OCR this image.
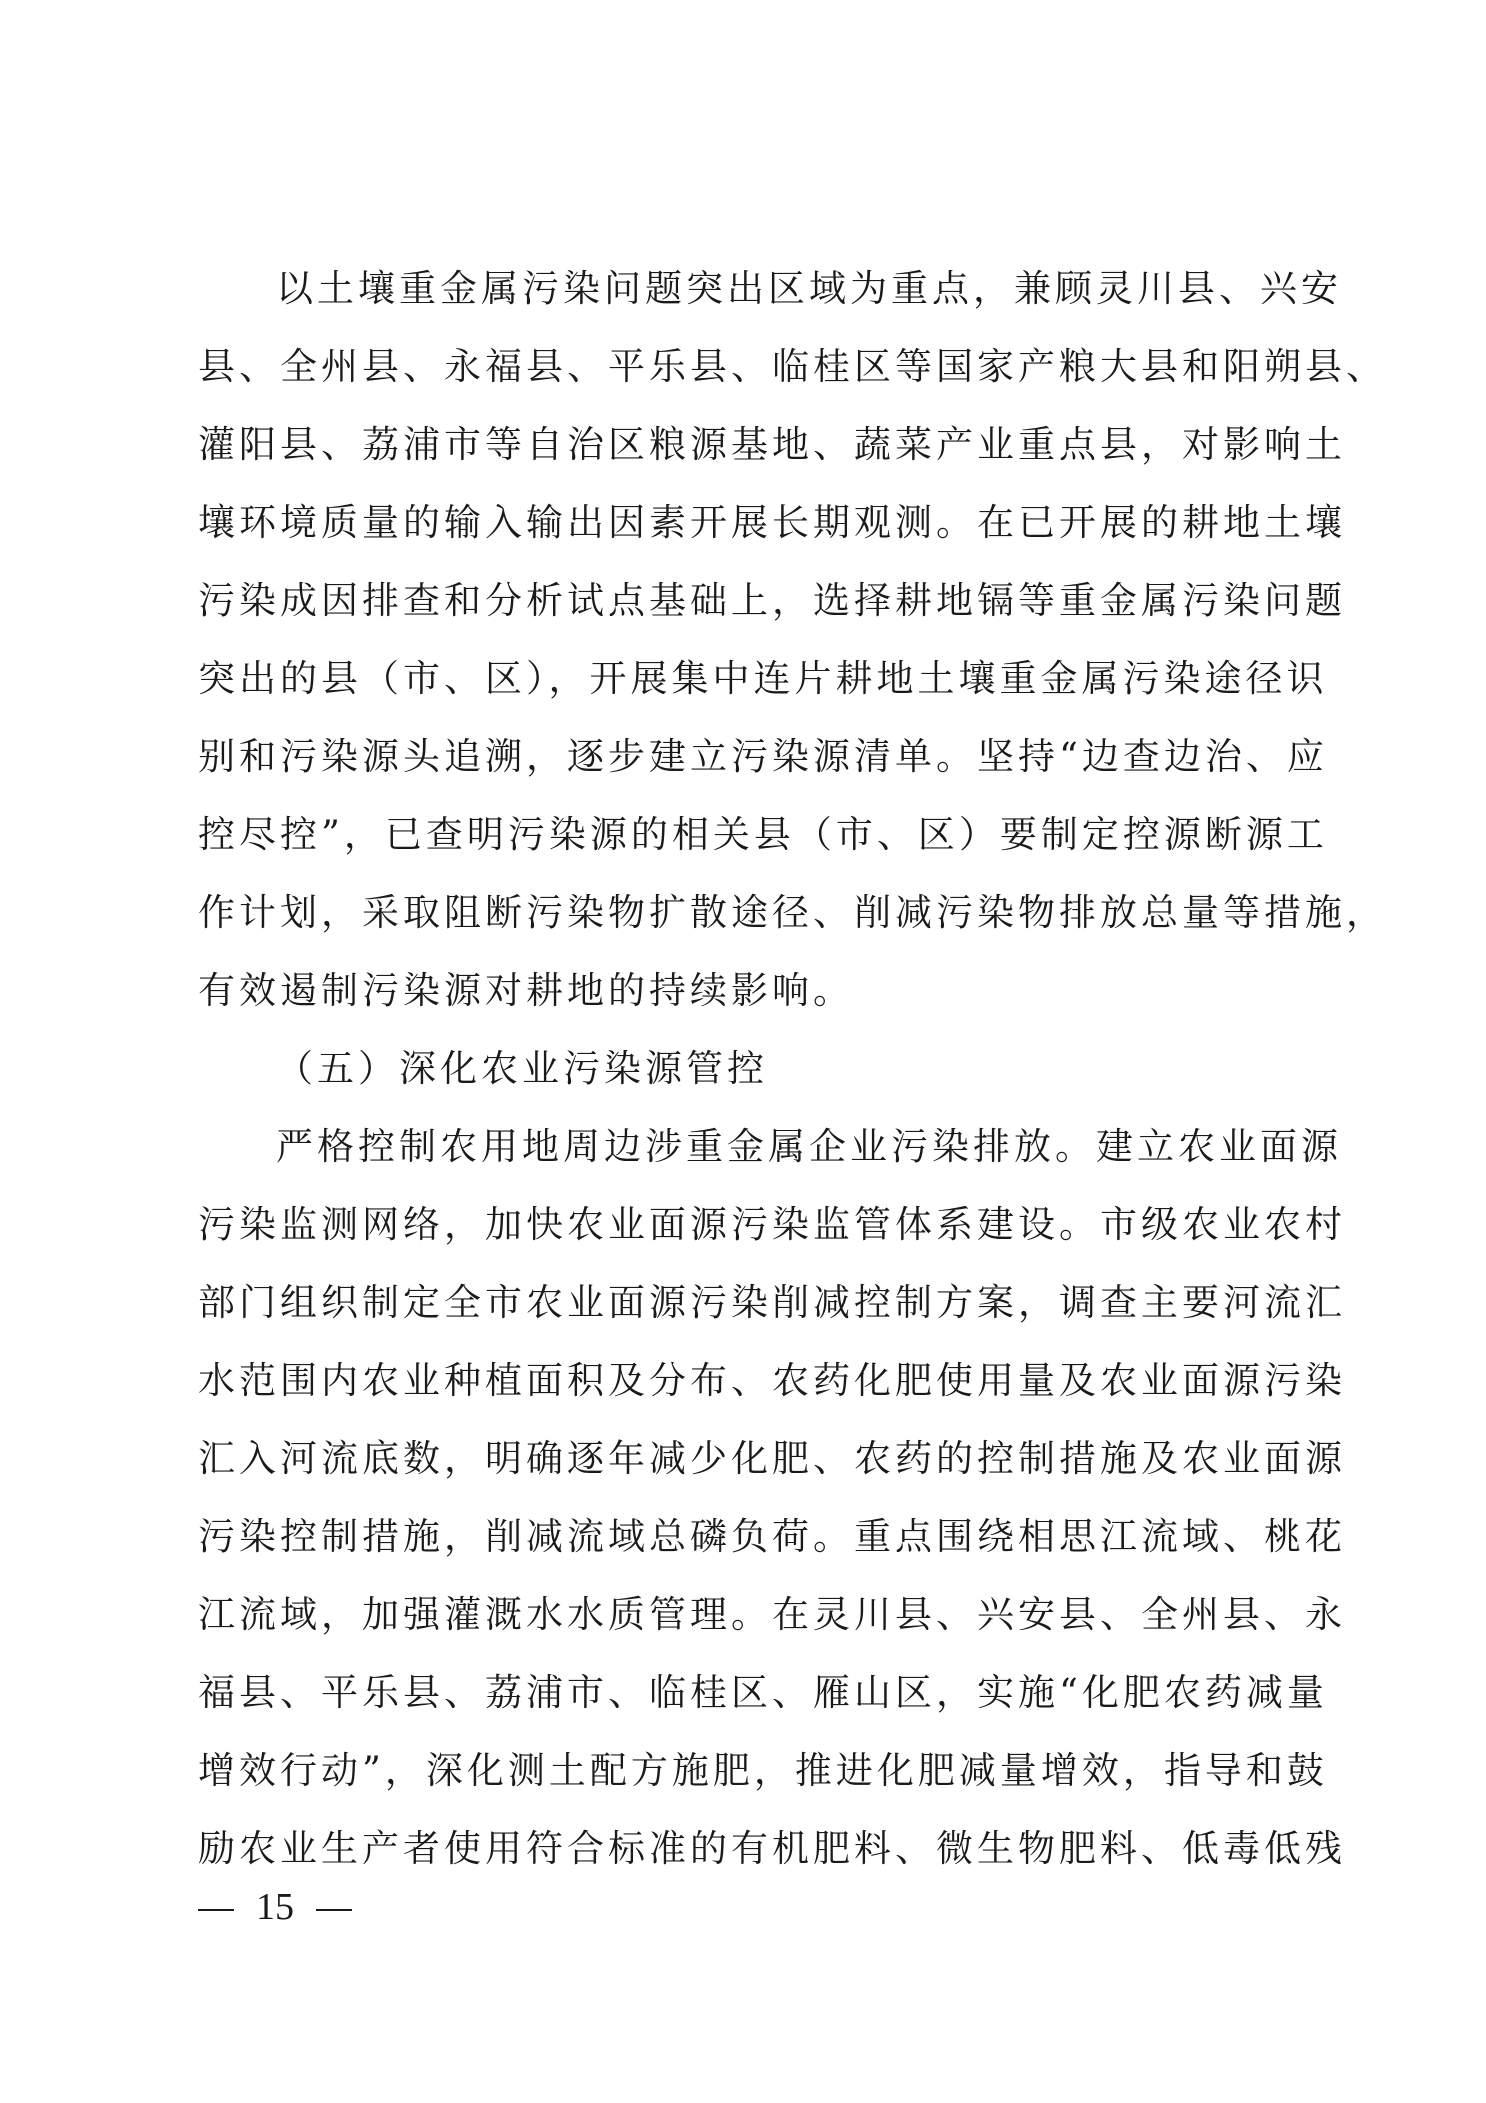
以土壤重金属污染问题突出区域为重点，兼顾灵川县、兴安
县、全州县、永福县、平乐县、临桂区等国家产粮大县和阳朔县、
灌阳县、荔浦市等自治区粮源基地、蔬菜产业重点县，对影响土
壤环境质量的输入输出因素开展长期观测。在已开展的耕地土壤
污染成因排查和分析试点基础上，选择耕地镉等重金属污染问题
突出的县（市、区），开展集中连片耕地土壤重金属污染途径识
别和污染源头追溯，逐步建立污染源清单。坚持“边查边治、应
控尽控”，已查明污染源的相关县（市、区）要制定控源断源工
作计划，采取阻断污染物扩散途径、削减污染物排放总量等措施，
有效遏制污染源对耕地的持续影响。
（五）深化农业污染源管控
严格控制农用地周边涉重金属企业污染排放。建立农业面源
污染监测网络，加快农业面源污染监管体系建设。市级农业农村
部门组织制定全市农业面源污染削减控制方案，调查主要河流汇
水范围内农业种植面积及分布、农药化肥使用量及农业面源污染
汇入河流底数，明确逐年减少化肥、农药的控制措施及农业面源
污染控制措施，削减流域总磷负荷。重点围绕相思江流域、桃花
江流域，加强灌溉水水质管理。在灵川县、兴安县、全州县、永
福县、平乐县、荔浦市、临桂区、雁山区，实施“化肥农药减量
增效行动”，深化测土配方施肥，推进化肥减量增效，指导和鼓
励农业生产者使用符合标准的有机肥料、微生物肥料、低毒低残
15
